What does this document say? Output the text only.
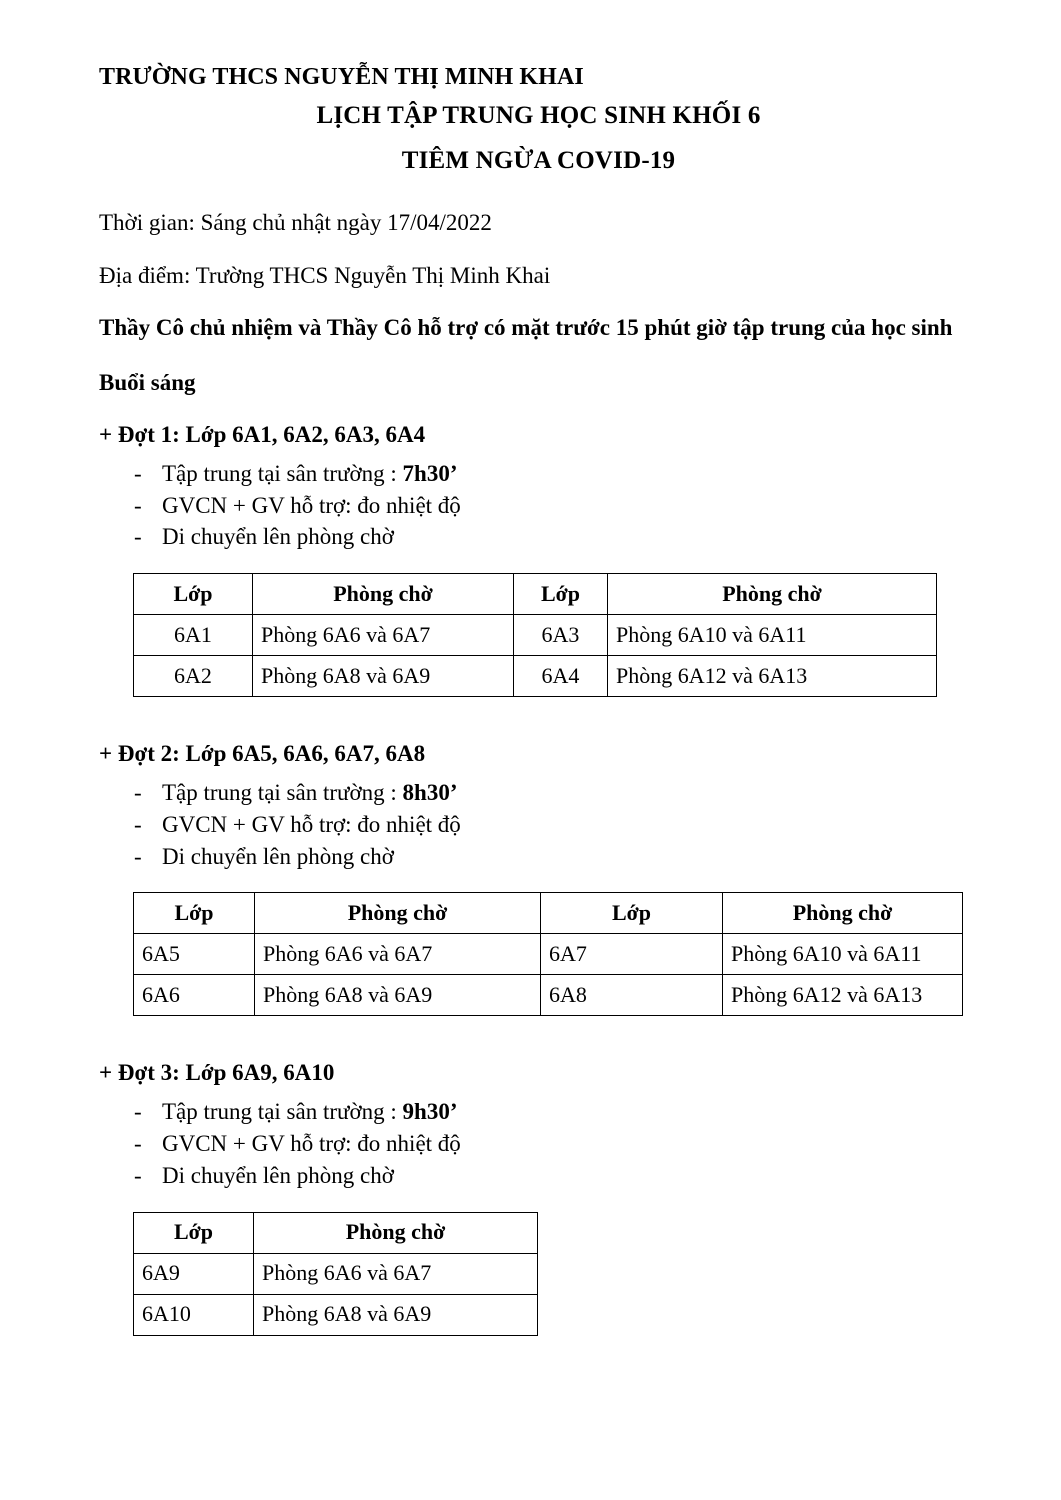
TRƯỜNG THCS NGUYỄN THỊ MINH KHAI
LỊCH TẬP TRUNG HỌC SINH KHỐI 6
TIÊM NGỪA COVID-19

Thời gian: Sáng chủ nhật ngày 17/04/2022

Địa điểm: Trường THCS Nguyễn Thị Minh Khai

Thầy Cô chủ nhiệm và Thầy Cô hỗ trợ có mặt trước 15 phút giờ tập trung của học sinh

Buổi sáng

+ Đợt 1: Lớp 6A1, 6A2, 6A3, 6A4

- Tập trung tại sân trường : 7h30’
- GVCN + GV hỗ trợ: đo nhiệt độ
- Di chuyển lên phòng chờ
Lớp	Phòng chờ	Lớp	Phòng chờ
6A1	Phòng 6A6 và 6A7	6A3	Phòng 6A10 và 6A11
6A2	Phòng 6A8 và 6A9	6A4	Phòng 6A12 và 6A13

+ Đợt 2: Lớp 6A5, 6A6, 6A7, 6A8

- Tập trung tại sân trường : 8h30’
- GVCN + GV hỗ trợ: đo nhiệt độ
- Di chuyển lên phòng chờ
Lớp	Phòng chờ	Lớp	Phòng chờ
6A5	Phòng 6A6 và 6A7	6A7	Phòng 6A10 và 6A11
6A6	Phòng 6A8 và 6A9	6A8	Phòng 6A12 và 6A13

+ Đợt 3: Lớp 6A9, 6A10

- Tập trung tại sân trường : 9h30’
- GVCN + GV hỗ trợ: đo nhiệt độ
- Di chuyển lên phòng chờ
Lớp	Phòng chờ
6A9	Phòng 6A6 và 6A7
6A10	Phòng 6A8 và 6A9
